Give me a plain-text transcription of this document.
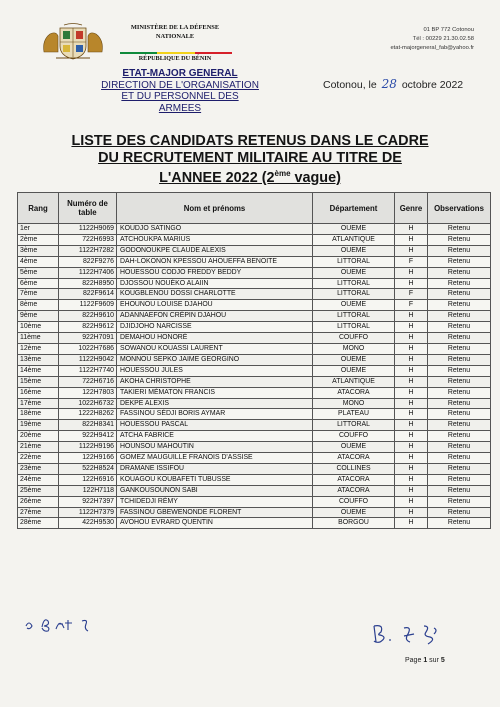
MINISTÈRE DE LA DÉFENSE
NATIONALE
RÉPUBLIQUE DU BÉNIN
01 BP 772 Cotonou
Tél : 00229 21.30.02.58
etat-majorgeneral_fab@yahoo.fr
ETAT-MAJOR GENERAL
DIRECTION DE L'ORGANISATION
ET DU PERSONNEL DES ARMEES
Cotonou, le 28 octobre 2022
LISTE DES CANDIDATS RETENUS DANS LE CADRE
DU RECRUTEMENT MILITAIRE AU TITRE DE
L'ANNEE 2022 (2ème vague)
Rang	Numéro de table	Nom et prénoms	Département	Genre	Observations
1er	1122H9069	KOUDJO SATINGO	OUEME	H	Retenu
2ème	722H6993	ATCHOUKPA MARIUS	ATLANTIQUE	H	Retenu
3ème	1122H7282	GODONOUKPE CLAUDE ALEXIS	OUEME	H	Retenu
4ème	822F9276	DAH-LOKONON KPESSOU AHOUEFFA BENOITE	LITTORAL	F	Retenu
5ème	1122H7406	HOUESSOU CODJO FREDDY BEDDY	OUEME	H	Retenu
6ème	822H8950	DJOSSOU NOUÉKO ALAIIN	LITTORAL	H	Retenu
7ème	822F9614	KOUGBLENOU DOSSI CHARLOTTE	LITTORAL	F	Retenu
8ème	1122F9609	EHOUNOU LOUISE DJAHOU	OUEME	F	Retenu
9ème	822H9610	ADANNAEFON CRÉPIN DJAHOU	LITTORAL	H	Retenu
10ème	822H9612	DJIDJOHO NARCISSE	LITTORAL	H	Retenu
11ème	922H7091	DEMAHOU HONORÉ	COUFFO	H	Retenu
12ème	1022H7686	SOWANOU KOUASSI LAURENT	MONO	H	Retenu
13ème	1122H9042	MONNOU SEPKO JAIME GEORGINO	OUEME	H	Retenu
14ème	1122H7740	HOUESSOU JULES	OUEME	H	Retenu
15ème	722H6716	AKOHA CHRISTOPHE	ATLANTIQUE	H	Retenu
16ème	122H7803	TAKIERI MÉMATON FRANCIS	ATACORA	H	Retenu
17ème	1022H6732	DEKPE ALEXIS	MONO	H	Retenu
18ème	1222H8262	FASSINOU SÈDJI BORIS AYMAR	PLATEAU	H	Retenu
19ème	822H8341	HOUESSOU PASCAL	LITTORAL	H	Retenu
20ème	922H9412	ATCHA FABRICE	COUFFO	H	Retenu
21ème	1122H9196	HOUNSOU MAHOUTIN	OUEME	H	Retenu
22ème	122H9166	GOMEZ MAUGUILLE FRANOIS D'ASSISE	ATACORA	H	Retenu
23ème	522H8524	DRAMANE ISSIFOU	COLLINES	H	Retenu
24ème	122H6916	KOUAGOU KOUBAFETI TUBUSSE	ATACORA	H	Retenu
25ème	122H7118	GANKOUSOUNON SABI	ATACORA	H	Retenu
26ème	922H7397	TCHIDEDJI RÉMY	COUFFO	H	Retenu
27ème	1122H7379	FASSINOU GBEWENONDE FLORENT	OUEME	H	Retenu
28ème	422H9530	AVOHOU EVRARD QUENTIN	BORGOU	H	Retenu
Page 1 sur 5
